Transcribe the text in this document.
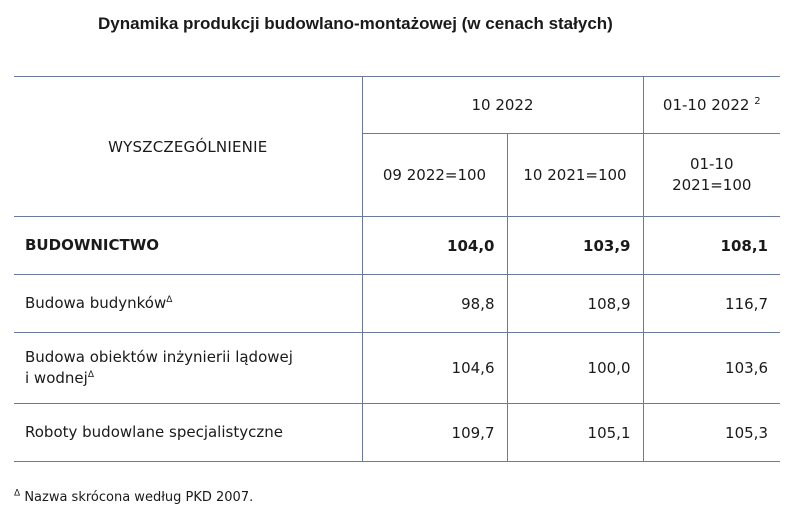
Dynamika produkcji budowlano-montażowej (w cenach stałych)
WYSZCZEGÓLNIENIE	10 2022		01-10 2022 $^2$
	09 2022=100	10 2021=100	01-10
2021=100

BUDOWNICTWO	104,0	103,9	108,1
Budowa budynków$^\Delta$	98,8	108,9	116,7

Budowa obiektów inżynierii lądowej
i wodnej$^\Delta$	104,6	100,0	103,6
Roboty budowlane specjalistyczne	109,7	105,1	105,3
$^\Delta$ Nazwa skrócona według PKD 2007.
